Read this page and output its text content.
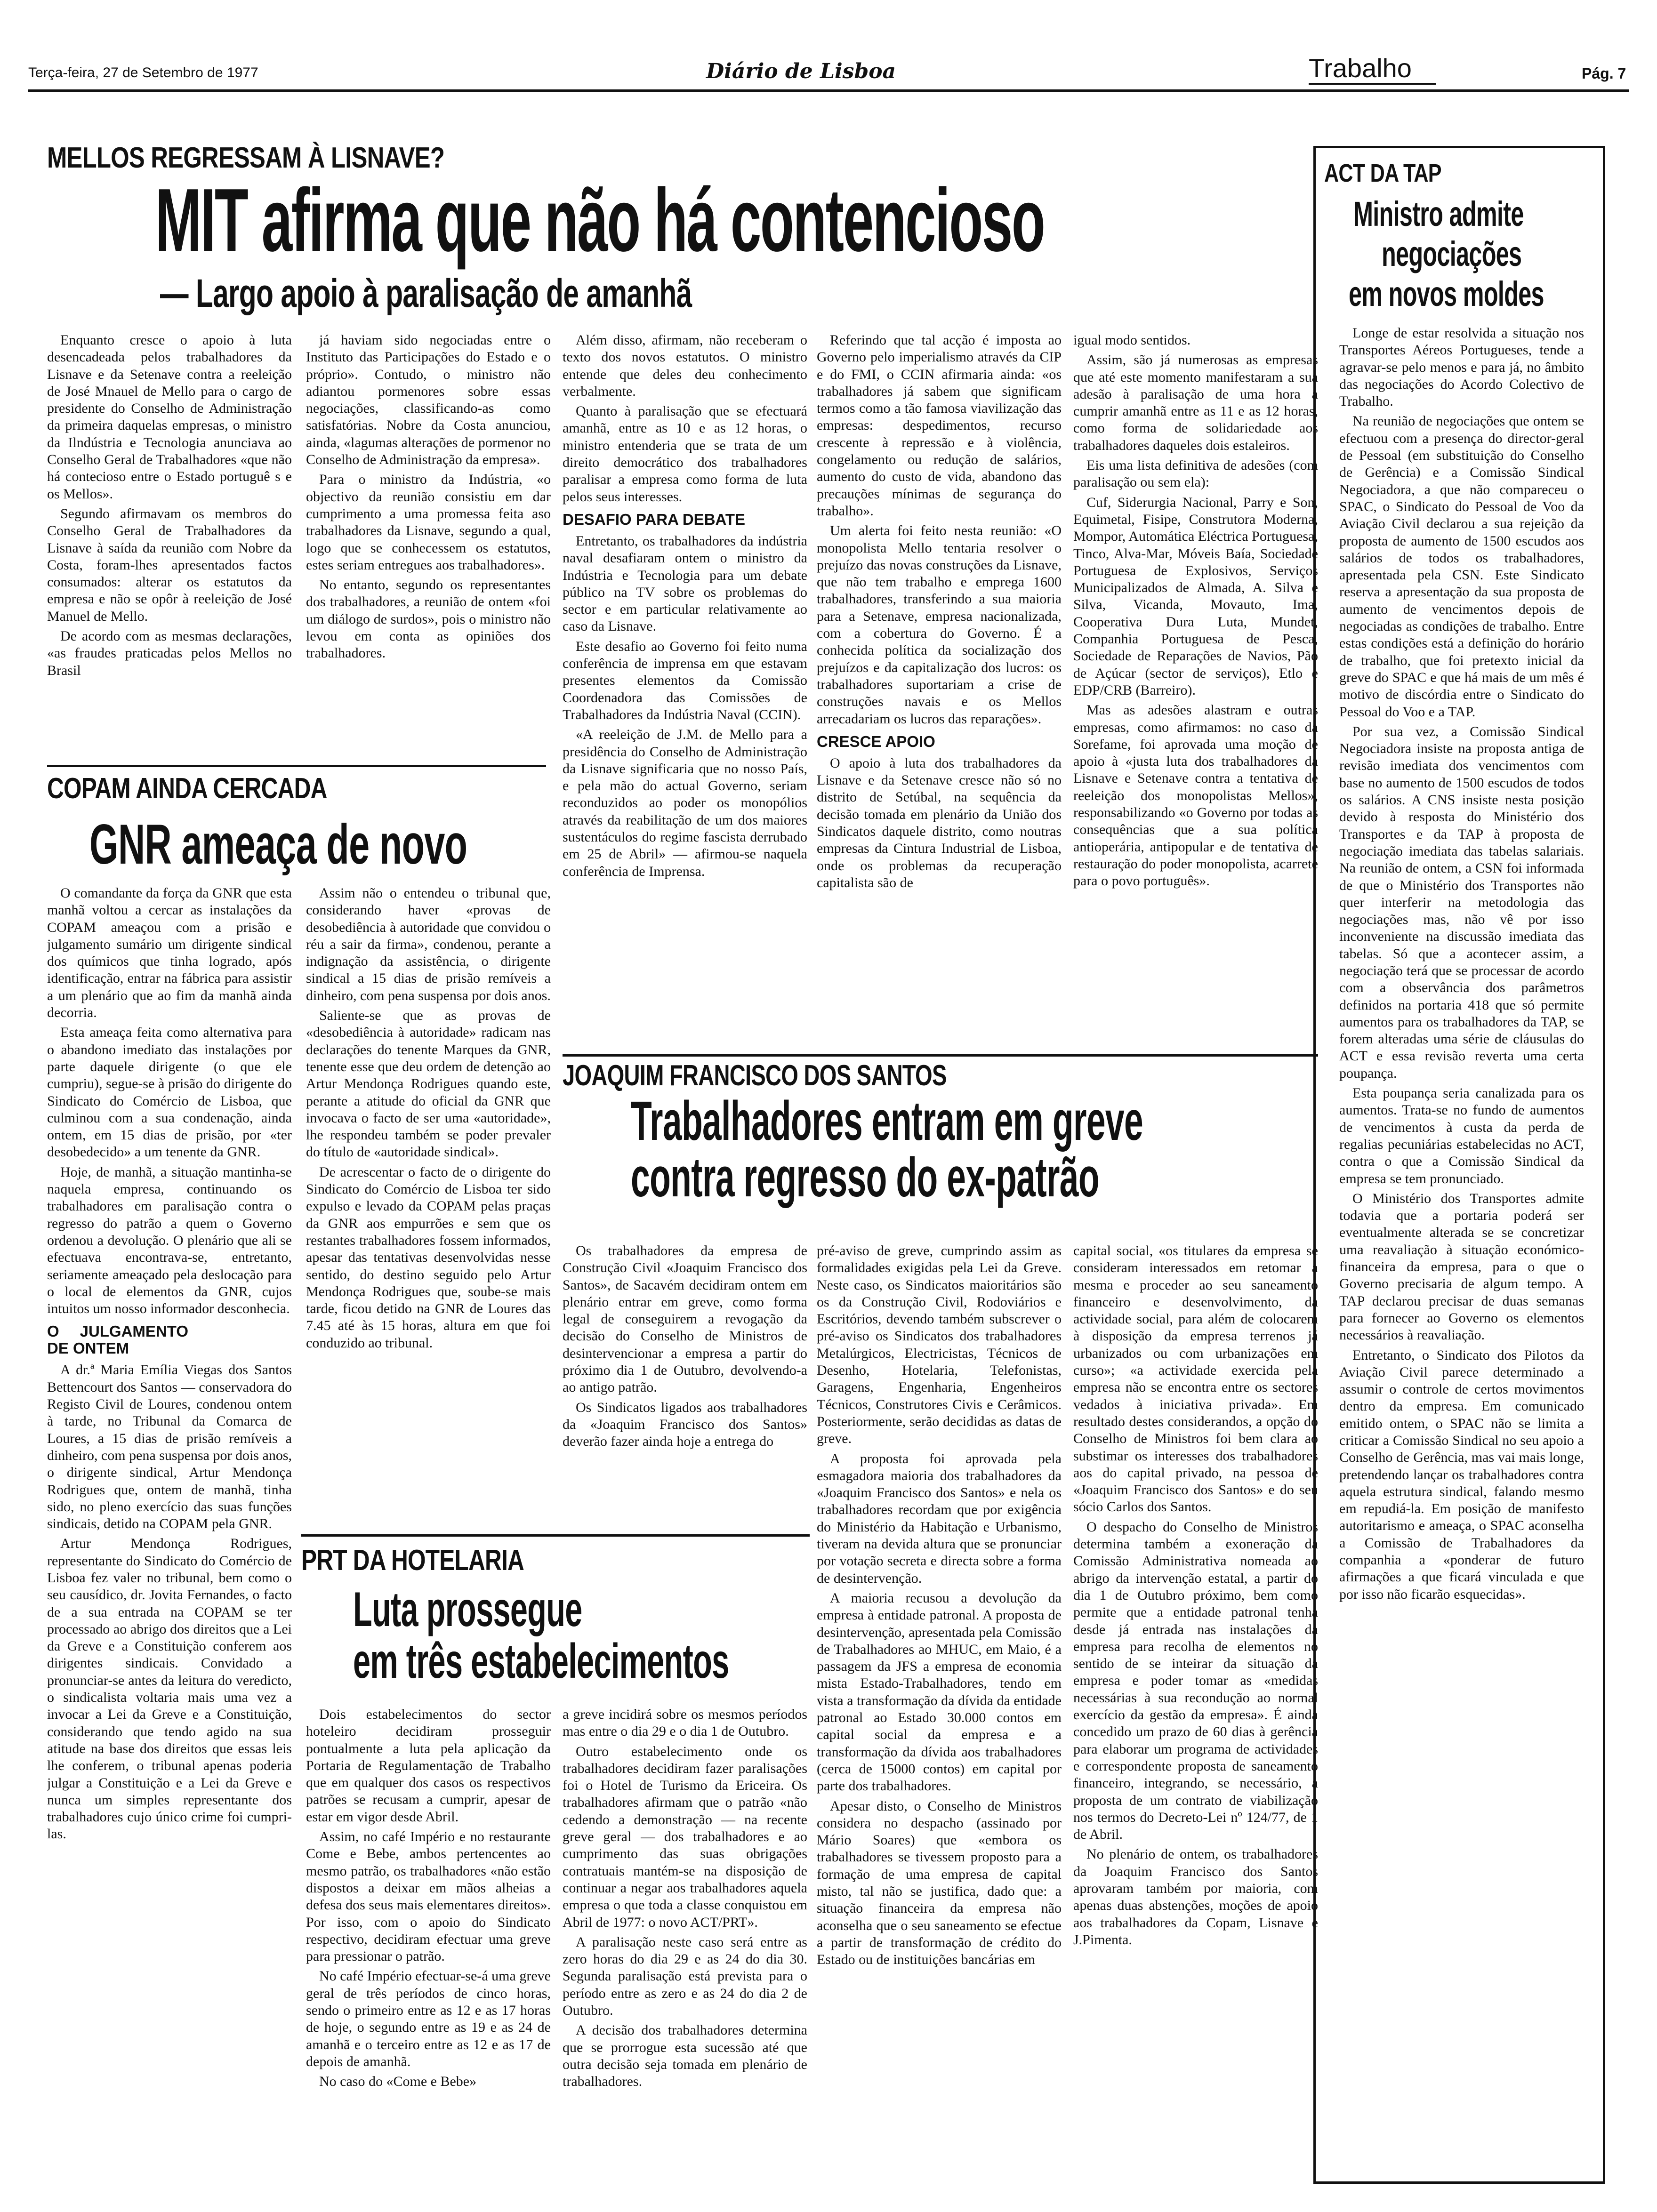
Terça-feira, 27 de Setembro de 1977	Diário de Lisboa	Trabalho	Pág. 7
MELLOS REGRESSAM À LISNAVE?
MIT afirma que não há contencioso
— Largo apoio à paralisação de amanhã

Enquanto cresce o apoio à luta desencadeada pelos trabalhadores da Lisnave e da Setenave contra a reeleição de José Mnauel de Mello para o cargo de presidente do Conselho de Administração da primeira daquelas empresas, o ministro da Ilndústria e Tecnologia anunciava ao Conselho Geral de Trabalhadores «que não há contecioso entre o Estado portuguê s e os Mellos».

Segundo afirmavam os membros do Conselho Geral de Trabalhadores da Lisnave à saída da reunião com Nobre da Costa, foram-lhes apresentados factos consumados: alterar os estatutos da empresa e não se opôr à reeleição de José Manuel de Mello.

De acordo com as mesmas declarações, «as fraudes praticadas pelos Mellos no Brasil

já haviam sido negociadas entre o Instituto das Participações do Estado e o próprio». Contudo, o ministro não adiantou pormenores sobre essas negociações, classificando-as como satisfatórias. Nobre da Costa anunciou, ainda, «lagumas alterações de pormenor no Conselho de Administração da empresa».

Para o ministro da Indústria, «o objectivo da reunião consistiu em dar cumprimento a uma promessa feita aso trabalhadores da Lisnave, segundo a qual, logo que se conhecessem os estatutos, estes seriam entregues aos trabalhadores».

No entanto, segundo os representantes dos trabalhadores, a reunião de ontem «foi um diálogo de surdos», pois o ministro não levou em conta as opiniões dos trabalhadores.

Além disso, afirmam, não receberam o texto dos novos estatutos. O ministro entende que deles deu conhecimento verbalmente.

Quanto à paralisação que se efectuará amanhã, entre as 10 e as 12 horas, o ministro entenderia que se trata de um direito democrático dos trabalhadores paralisar a empresa como forma de luta pelos seus interesses.

DESAFIO PARA DEBATE

Entretanto, os trabalhadores da indústria naval desafiaram ontem o ministro da Indústria e Tecnologia para um debate público na TV sobre os problemas do sector e em particular relativamente ao caso da Lisnave.

Este desafio ao Governo foi feito numa conferência de imprensa em que estavam presentes elementos da Comissão Coordenadora das Comissões de Trabalhadores da Indústria Naval (CCIN).

«A reeleição de J.M. de Mello para a presidência do Conselho de Administração da Lisnave significaria que no nosso País, e pela mão do actual Governo, seriam reconduzidos ao poder os monopólios através da reabilitação de um dos maiores sustentáculos do regime fascista derrubado em 25 de Abril» — afirmou-se naquela conferência de Imprensa.

Referindo que tal acção é imposta ao Governo pelo imperialismo através da CIP e do FMI, o CCIN afirmaria ainda: «os trabalhadores já sabem que significam termos como a tão famosa viavilização das empresas: despedimentos, recurso crescente à repressão e à violência, congelamento ou redução de salários, aumento do custo de vida, abandono das precauções mínimas de segurança do trabalho».

Um alerta foi feito nesta reunião: «O monopolista Mello tentaria resolver o prejuízo das novas construções da Lisnave, que não tem trabalho e emprega 1600 trabalhadores, transferindo a sua maioria para a Setenave, empresa nacionalizada, com a cobertura do Governo. É a conhecida política da socialização dos prejuízos e da capitalização dos lucros: os trabalhadores suportariam a crise de construções navais e os Mellos arrecadariam os lucros das reparações».

CRESCE APOIO

O apoio à luta dos trabalhadores da Lisnave e da Setenave cresce não só no distrito de Setúbal, na sequência da decisão tomada em plenário da União dos Sindicatos daquele distrito, como noutras empresas da Cintura Industrial de Lisboa, onde os problemas da recuperação capitalista são de

igual modo sentidos.

Assim, são já numerosas as empresas que até este momento manifestaram a sua adesão à paralisação de uma hora a cumprir amanhã entre as 11 e as 12 horas, como forma de solidariedade aos trabalhadores daqueles dois estaleiros.

Eis uma lista definitiva de adesões (com paralisação ou sem ela):

Cuf, Siderurgia Nacional, Parry e Son, Equimetal, Fisipe, Construtora Moderna, Mompor, Automática Eléctrica Portuguesa, Tinco, Alva-Mar, Móveis Baía, Sociedade Portuguesa de Explosivos, Serviços Municipalizados de Almada, A. Silva e Silva, Vicanda, Movauto, Ima, Cooperativa Dura Luta, Mundet, Companhia Portuguesa de Pesca, Sociedade de Reparações de Navios, Pão de Açúcar (sector de serviços), Etlo e EDP/CRB (Barreiro).

Mas as adesões alastram e outras empresas, como afirmamos: no caso da Sorefame, foi aprovada uma moção de apoio à «justa luta dos trabalhadores da Lisnave e Setenave contra a tentativa de reeleição dos monopolistas Mellos», responsabilizando «o Governo por todas as consequências que a sua política antioperária, antipopular e de tentativa de restauração do poder monopolista, acarrete para o povo português».

COPAM AINDA CERCADA
GNR ameaça de novo

O comandante da força da GNR que esta manhã voltou a cercar as instalações da COPAM ameaçou com a prisão e julgamento sumário um dirigente sindical dos químicos que tinha logrado, após identificação, entrar na fábrica para assistir a um plenário que ao fim da manhã ainda decorria.

Esta ameaça feita como alternativa para o abandono imediato das instalações por parte daquele dirigente (o que ele cumpriu), segue-se à prisão do dirigente do Sindicato do Comércio de Lisboa, que culminou com a sua condenação, ainda ontem, em 15 dias de prisão, por «ter desobedecido» a um tenente da GNR.

Hoje, de manhã, a situação mantinha-se naquela empresa, continuando os trabalhadores em paralisação contra o regresso do patrão a quem o Governo ordenou a devolução. O plenário que ali se efectuava encontrava-se, entretanto, seriamente ameaçado pela deslocação para o local de elementos da GNR, cujos intuitos um nosso informador desconhecia.

O JULGAMENTO DE ONTEM

A dr.ª Maria Emília Viegas dos Santos Bettencourt dos Santos — conservadora do Registo Civil de Loures, condenou ontem à tarde, no Tribunal da Comarca de Loures, a 15 dias de prisão remíveis a dinheiro, com pena suspensa por dois anos, o dirigente sindical, Artur Mendonça Rodrigues que, ontem de manhã, tinha sido, no pleno exercício das suas funções sindicais, detido na COPAM pela GNR.

Artur Mendonça Rodrigues, representante do Sindicato do Comércio de Lisboa fez valer no tribunal, bem como o seu causídico, dr. Jovita Fernandes, o facto de a sua entrada na COPAM se ter processado ao abrigo dos direitos que a Lei da Greve e a Constituição conferem aos dirigentes sindicais. Convidado a pronunciar-se antes da leitura do veredicto, o sindicalista voltaria mais uma vez a invocar a Lei da Greve e a Constituição, considerando que tendo agido na sua atitude na base dos direitos que essas leis lhe conferem, o tribunal apenas poderia julgar a Constituição e a Lei da Greve e nunca um simples representante dos trabalhadores cujo único crime foi cumpri-las.

Assim não o entendeu o tribunal que, considerando haver «provas de desobediência à autoridade que convidou o réu a sair da firma», condenou, perante a indignação da assistência, o dirigente sindical a 15 dias de prisão remíveis a dinheiro, com pena suspensa por dois anos.

Saliente-se que as provas de «desobediência à autoridade» radicam nas declarações do tenente Marques da GNR, tenente esse que deu ordem de detenção ao Artur Mendonça Rodrigues quando este, perante a atitude do oficial da GNR que invocava o facto de ser uma «autoridade», lhe respondeu também se poder prevaler do título de «autoridade sindical».

De acrescentar o facto de o dirigente do Sindicato do Comércio de Lisboa ter sido expulso e levado da COPAM pelas praças da GNR aos empurrões e sem que os restantes trabalhadores fossem informados, apesar das tentativas desenvolvidas nesse sentido, do destino seguido pelo Artur Mendonça Rodrigues que, soube-se mais tarde, ficou detido na GNR de Loures das 7.45 até às 15 horas, altura em que foi conduzido ao tribunal.

JOAQUIM FRANCISCO DOS SANTOS
Trabalhadores entram em greve
contra regresso do ex-patrão

Os trabalhadores da empresa de Construção Civil «Joaquim Francisco dos Santos», de Sacavém decidiram ontem em plenário entrar em greve, como forma legal de conseguirem a revogação da decisão do Conselho de Ministros de desintervencionar a empresa a partir do próximo dia 1 de Outubro, devolvendo-a ao antigo patrão.

Os Sindicatos ligados aos trabalhadores da «Joaquim Francisco dos Santos» deverão fazer ainda hoje a entrega do

pré-aviso de greve, cumprindo assim as formalidades exigidas pela Lei da Greve. Neste caso, os Sindicatos maioritários são os da Construção Civil, Rodoviários e Escritórios, devendo também subscrever o pré-aviso os Sindicatos dos trabalhadores Metalúrgicos, Electricistas, Técnicos de Desenho, Hotelaria, Telefonistas, Garagens, Engenharia, Engenheiros Técnicos, Construtores Civis e Cerâmicos. Posteriormente, serão decididas as datas de greve.

A proposta foi aprovada pela esmagadora maioria dos trabalhadores da «Joaquim Francisco dos Santos» e nela os trabalhadores recordam que por exigência do Ministério da Habitação e Urbanismo, tiveram na devida altura que se pronunciar por votação secreta e directa sobre a forma de desintervenção.

A maioria recusou a devolução da empresa à entidade patronal. A proposta de desintervenção, apresentada pela Comissão de Trabalhadores ao MHUC, em Maio, é a passagem da JFS a empresa de economia mista Estado-Trabalhadores, tendo em vista a transformação da dívida da entidade patronal ao Estado 30.000 contos em capital social da empresa e a transformação da dívida aos trabalhadores (cerca de 15000 contos) em capital por parte dos trabalhadores.

Apesar disto, o Conselho de Ministros considera no despacho (assinado por Mário Soares) que «embora os trabalhadores se tivessem proposto para a formação de uma empresa de capital misto, tal não se justifica, dado que: a situação financeira da empresa não aconselha que o seu saneamento se efectue a partir de transformação de crédito do Estado ou de instituições bancárias em

capital social, «os titulares da empresa se consideram interessados em retomar a mesma e proceder ao seu saneamento financeiro e desenvolvimento, da actividade social, para além de colocarem à disposição da empresa terrenos já urbanizados ou com urbanizações em curso»; «a actividade exercida pela empresa não se encontra entre os sectores vedados à iniciativa privada». Em resultado destes considerandos, a opção do Conselho de Ministros foi bem clara ao substimar os interesses dos trabalhadores aos do capital privado, na pessoa de «Joaquim Francisco dos Santos» e do seu sócio Carlos dos Santos.

O despacho do Conselho de Ministros determina também a exoneração da Comissão Administrativa nomeada ao abrigo da intervenção estatal, a partir do dia 1 de Outubro próximo, bem como permite que a entidade patronal tenha desde já entrada nas instalações da empresa para recolha de elementos no sentido de se inteirar da situação da empresa e poder tomar as «medidas necessárias à sua recondução ao normal exercício da gestão da empresa». É ainda concedido um prazo de 60 dias à gerência para elaborar um programa de actividades e correspondente proposta de saneamento financeiro, integrando, se necessário, a proposta de um contrato de viabilização nos termos do Decreto-Lei nº 124/77, de 1 de Abril.

No plenário de ontem, os trabalhadores da Joaquim Francisco dos Santos aprovaram também por maioria, com apenas duas abstenções, moções de apoio aos trabalhadores da Copam, Lisnave e J.Pimenta.

PRT DA HOTELARIA
Luta prossegue
em três estabelecimentos

Dois estabelecimentos do sector hoteleiro decidiram prosseguir pontualmente a luta pela aplicação da Portaria de Regulamentação de Trabalho que em qualquer dos casos os respectivos patrões se recusam a cumprir, apesar de estar em vigor desde Abril.

Assim, no café Império e no restaurante Come e Bebe, ambos pertencentes ao mesmo patrão, os trabalhadores «não estão dispostos a deixar em mãos alheias a defesa dos seus mais elementares direitos». Por isso, com o apoio do Sindicato respectivo, decidiram efectuar uma greve para pressionar o patrão.

No café Império efectuar-se-á uma greve geral de três períodos de cinco horas, sendo o primeiro entre as 12 e as 17 horas de hoje, o segundo entre as 19 e as 24 de amanhã e o terceiro entre as 12 e as 17 de depois de amanhã.

No caso do «Come e Bebe»

a greve incidirá sobre os mesmos períodos mas entre o dia 29 e o dia 1 de Outubro.

Outro estabelecimento onde os trabalhadores decidiram fazer paralisações foi o Hotel de Turismo da Ericeira. Os trabalhadores afirmam que o patrão «não cedendo a demonstração — na recente greve geral — dos trabalhadores e ao cumprimento das suas obrigações contratuais mantém-se na disposição de continuar a negar aos trabalhadores aquela empresa o que toda a classe conquistou em Abril de 1977: o novo ACT/PRT».

A paralisação neste caso será entre as zero horas do dia 29 e as 24 do dia 30. Segunda paralisação está prevista para o período entre as zero e as 24 do dia 2 de Outubro.

A decisão dos trabalhadores determina que se prorrogue esta sucessão até que outra decisão seja tomada em plenário de trabalhadores.

ACT DA TAP
Ministro admite
negociações
em novos moldes

Longe de estar resolvida a situação nos Transportes Aéreos Portugueses, tende a agravar-se pelo menos e para já, no âmbito das negociações do Acordo Colectivo de Trabalho.

Na reunião de negociações que ontem se efectuou com a presença do director-geral de Pessoal (em substituição do Conselho de Gerência) e a Comissão Sindical Negociadora, a que não compareceu o SPAC, o Sindicato do Pessoal de Voo da Aviação Civil declarou a sua rejeição da proposta de aumento de 1500 escudos aos salários de todos os trabalhadores, apresentada pela CSN. Este Sindicato reserva a apresentação da sua proposta de aumento de vencimentos depois de negociadas as condições de trabalho. Entre estas condições está a definição do horário de trabalho, que foi pretexto inicial da greve do SPAC e que há mais de um mês é motivo de discórdia entre o Sindicato do Pessoal do Voo e a TAP.

Por sua vez, a Comissão Sindical Negociadora insiste na proposta antiga de revisão imediata dos vencimentos com base no aumento de 1500 escudos de todos os salários. A CNS insiste nesta posição devido à resposta do Ministério dos Transportes e da TAP à proposta de negociação imediata das tabelas salariais. Na reunião de ontem, a CSN foi informada de que o Ministério dos Transportes não quer interferir na metodologia das negociações mas, não vê por isso inconveniente na discussão imediata das tabelas. Só que a acontecer assim, a negociação terá que se processar de acordo com a observância dos parâmetros definidos na portaria 418 que só permite aumentos para os trabalhadores da TAP, se forem alteradas uma série de cláusulas do ACT e essa revisão reverta uma certa poupança.

Esta poupança seria canalizada para os aumentos. Trata-se no fundo de aumentos de vencimentos à custa da perda de regalias pecuniárias estabelecidas no ACT, contra o que a Comissão Sindical da empresa se tem pronunciado.

O Ministério dos Transportes admite todavia que a portaria poderá ser eventualmente alterada se se concretizar uma reavaliação à situação económico-financeira da empresa, para o que o Governo precisaria de algum tempo. A TAP declarou precisar de duas semanas para fornecer ao Governo os elementos necessários à reavaliação.

Entretanto, o Sindicato dos Pilotos da Aviação Civil parece determinado a assumir o controle de certos movimentos dentro da empresa. Em comunicado emitido ontem, o SPAC não se limita a criticar a Comissão Sindical no seu apoio a Conselho de Gerência, mas vai mais longe, pretendendo lançar os trabalhadores contra aquela estrutura sindical, falando mesmo em repudiá-la. Em posição de manifesto autoritarismo e ameaça, o SPAC aconselha a Comissão de Trabalhadores da companhia a «ponderar de futuro afirmações a que ficará vinculada e que por isso não ficarão esquecidas».
